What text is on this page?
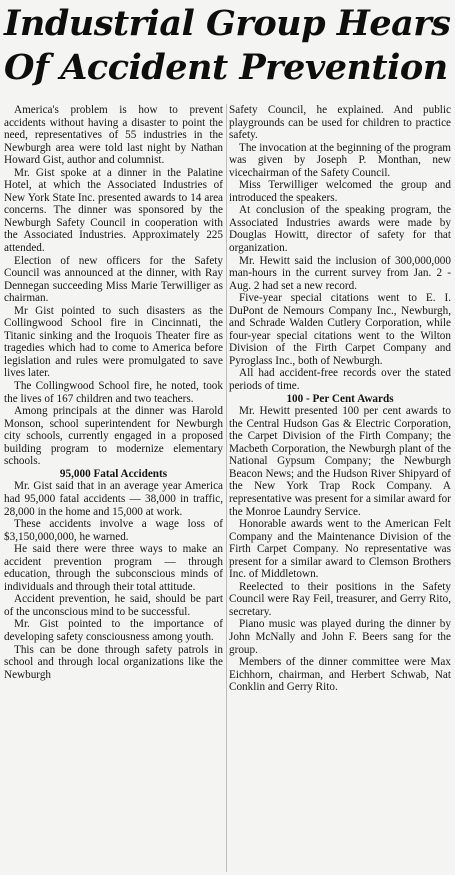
Industrial Group Hears
Of Accident Prevention

America's problem is how to prevent accidents without having a disaster to point the need, representatives of 55 industries in the Newburgh area were told last night by Nathan Howard Gist, author and columnist.

Mr. Gist spoke at a dinner in the Palatine Hotel, at which the Associated Industries of New York State Inc. presented awards to 14 area concerns. The dinner was sponsored by the Newburgh Safety Council in cooperation with the Associated Industries. Approximately 225 attended.

Election of new officers for the Safety Council was announced at the dinner, with Ray Dennegan succeeding Miss Marie Terwilliger as chairman.

Mr Gist pointed to such disasters as the Collingwood School fire in Cincinnati, the Titanic sinking and the Iroquois Theater fire as tragedies which had to come to America before legislation and rules were promulgated to save lives later.

The Collingwood School fire, he noted, took the lives of 167 children and two teachers.

Among principals at the dinner was Harold Monson, school superintendent for Newburgh city schools, currently engaged in a proposed building program to modernize elementary schools.

95,000 Fatal Accidents

Mr. Gist said that in an average year America had 95,000 fatal accidents — 38,000 in traffic, 28,000 in the home and 15,000 at work.

These accidents involve a wage loss of $3,150,000,000, he warned.

He said there were three ways to make an accident prevention program — through education, through the subconscious minds of individuals and through their total attitude.

Accident prevention, he said, should be part of the unconscious mind to be successful.

Mr. Gist pointed to the importance of developing safety consciousness among youth.

This can be done through safety patrols in school and through local organizations like the Newburgh

Safety Council, he explained. And public playgrounds can be used for children to practice safety.

The invocation at the beginning of the program was given by Joseph P. Monthan, new vicechairman of the Safety Council.

Miss Terwilliger welcomed the group and introduced the speakers.

At conclusion of the speaking program, the Associated Industries awards were made by Douglas Howitt, director of safety for that organization.

Mr. Hewitt said the inclusion of 300,000,000 man-hours in the current survey from Jan. 2 - Aug. 2 had set a new record.

Five-year special citations went to E. I. DuPont de Nemours Company Inc., Newburgh, and Schrade Walden Cutlery Corporation, while four-year special citations went to the Wilton Division of the Firth Carpet Company and Pyroglass Inc., both of Newburgh.

All had accident-free records over the stated periods of time.

100 - Per Cent Awards

Mr. Hewitt presented 100 per cent awards to the Central Hudson Gas & Electric Corporation, the Carpet Division of the Firth Company; the Macbeth Corporation, the Newburgh plant of the National Gypsum Company; the Newburgh Beacon News; and the Hudson River Shipyard of the New York Trap Rock Company. A representative was present for a similar award for the Monroe Laundry Service.

Honorable awards went to the American Felt Company and the Maintenance Division of the Firth Carpet Company. No representative was present for a similar award to Clemson Brothers Inc. of Middletown.

Reelected to their positions in the Safety Council were Ray Feil, treasurer, and Gerry Rito, secretary.

Piano music was played during the dinner by John McNally and John F. Beers sang for the group.

Members of the dinner committee were Max Eichhorn, chairman, and Herbert Schwab, Nat Conklin and Gerry Rito.
